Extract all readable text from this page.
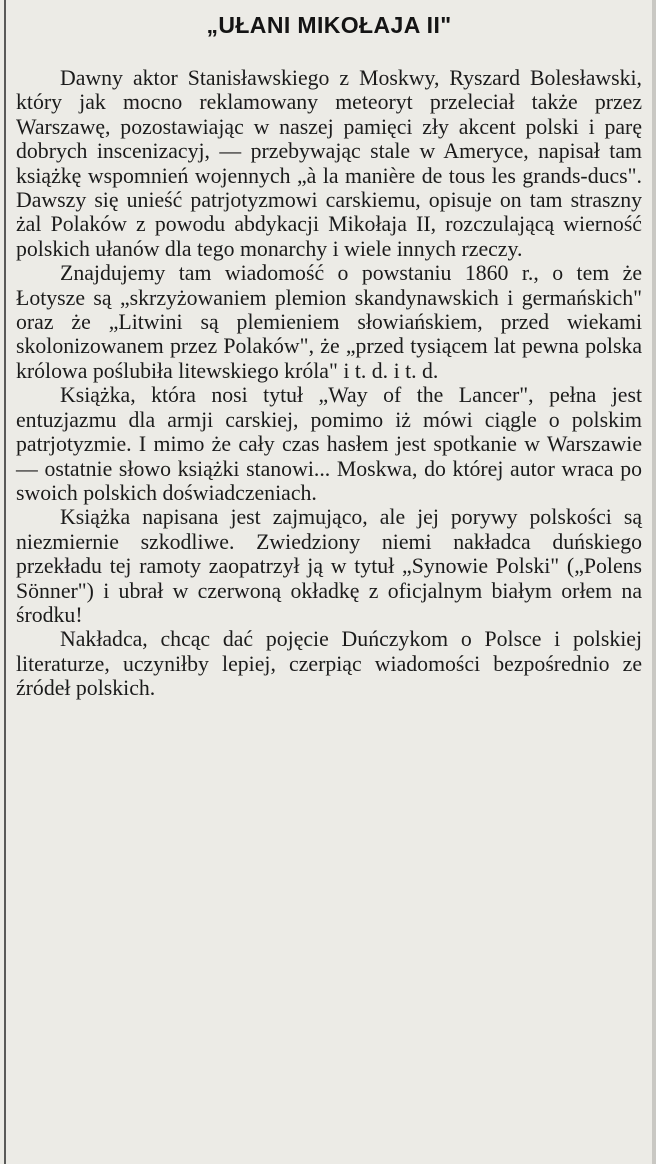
„UŁANI MIKOŁAJA II"

Dawny aktor Stanisławskiego z Moskwy, Ryszard Bolesławski, który jak mocno reklamowany meteoryt przeleciał także przez Warszawę, pozostawiając w naszej pamięci zły akcent polski i parę dobrych inscenizacyj, — przebywając stale w Ameryce, napisał tam książkę wspomnień wojennych „à la manière de tous les grands-ducs". Dawszy się unieść patrjotyzmowi carskiemu, opisuje on tam straszny żal Polaków z powodu abdykacji Mikołaja II, rozczulającą wierność polskich ułanów dla tego monarchy i wiele innych rzeczy.

Znajdujemy tam wiadomość o powstaniu 1860 r., o tem że Łotysze są „skrzyżowaniem plemion skandynawskich i germańskich" oraz że „Litwini są plemieniem słowiańskiem, przed wiekami skolonizowanem przez Polaków", że „przed tysiącem lat pewna polska królowa poślubiła litewskiego króla" i t. d. i t. d.

Książka, która nosi tytuł „Way of the Lancer", pełna jest entuzjazmu dla armji carskiej, pomimo iż mówi ciągle o polskim patrjotyzmie. I mimo że cały czas hasłem jest spotkanie w Warszawie — ostatnie słowo książki stanowi... Moskwa, do której autor wraca po swoich polskich doświadczeniach.

Książka napisana jest zajmująco, ale jej porywy polskości są niezmiernie szkodliwe. Zwiedziony niemi nakładca duńskiego przekładu tej ramoty zaopatrzył ją w tytuł „Synowie Polski" („Polens Sönner") i ubrał w czerwoną okładkę z oficjalnym białym orłem na środku!

Nakładca, chcąc dać pojęcie Duńczykom o Polsce i polskiej literaturze, uczyniłby lepiej, czerpiąc wiadomości bezpośrednio ze źródeł polskich.
